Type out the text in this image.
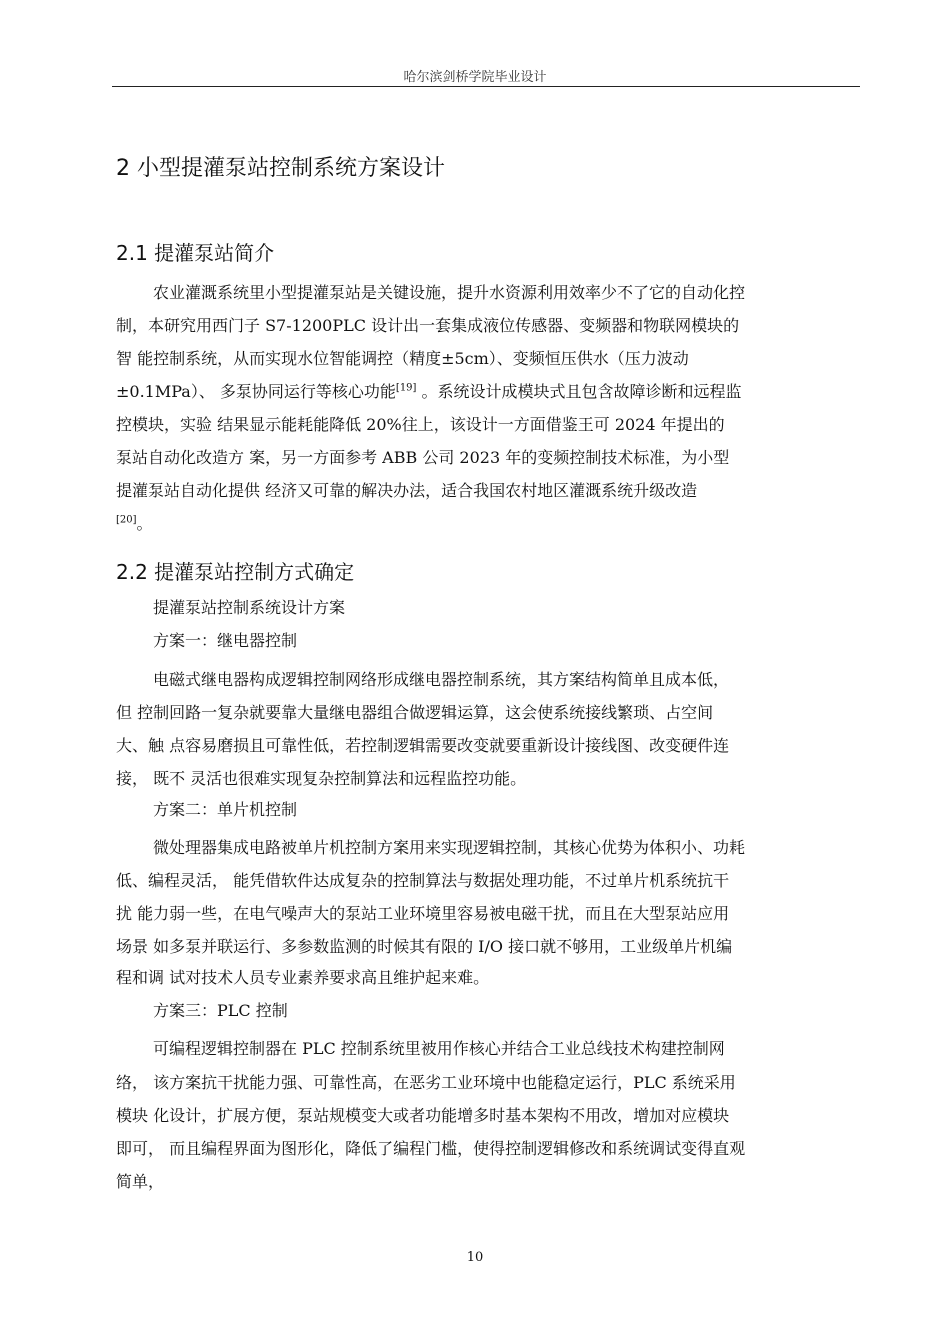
哈尔滨剑桥学院毕业设计
2 小型提灌泵站控制系统方案设计
2.1 提灌泵站简介
农业灌溉系统里小型提灌泵站是关键设施，提升水资源利用效率少不了它的自动化控
制，本研究用西门子 S7-1200PLC 设计出一套集成液位传感器、变频器和物联网模块的
智 能控制系统，从而实现水位智能调控（精度±5cm）、变频恒压供水（压力波动
±0.1MPa）、 多泵协同运行等核心功能[19] 。系统设计成模块式且包含故障诊断和远程监
控模块，实验 结果显示能耗能降低 20%往上，该设计一方面借鉴王可 2024 年提出的
泵站自动化改造方 案，另一方面参考 ABB 公司 2023 年的变频控制技术标准，为小型
提灌泵站自动化提供 经济又可靠的解决办法，适合我国农村地区灌溉系统升级改造
[20]。
2.2 提灌泵站控制方式确定
提灌泵站控制系统设计方案
方案一：继电器控制
电磁式继电器构成逻辑控制网络形成继电器控制系统，其方案结构简单且成本低，
但 控制回路一复杂就要靠大量继电器组合做逻辑运算，这会使系统接线繁琐、占空间
大、触 点容易磨损且可靠性低，若控制逻辑需要改变就要重新设计接线图、改变硬件连
接， 既不 灵活也很难实现复杂控制算法和远程监控功能。
方案二：单片机控制
微处理器集成电路被单片机控制方案用来实现逻辑控制，其核心优势为体积小、功耗
低、编程灵活， 能凭借软件达成复杂的控制算法与数据处理功能，不过单片机系统抗干
扰 能力弱一些，在电气噪声大的泵站工业环境里容易被电磁干扰，而且在大型泵站应用
场景 如多泵并联运行、多参数监测的时候其有限的 I/O 接口就不够用，工业级单片机编
程和调 试对技术人员专业素养要求高且维护起来难。
方案三：PLC 控制
可编程逻辑控制器在 PLC 控制系统里被用作核心并结合工业总线技术构建控制网
络， 该方案抗干扰能力强、可靠性高，在恶劣工业环境中也能稳定运行，PLC 系统采用
模块 化设计，扩展方便，泵站规模变大或者功能增多时基本架构不用改，增加对应模块
即可， 而且编程界面为图形化，降低了编程门槛，使得控制逻辑修改和系统调试变得直观
简单，
10
